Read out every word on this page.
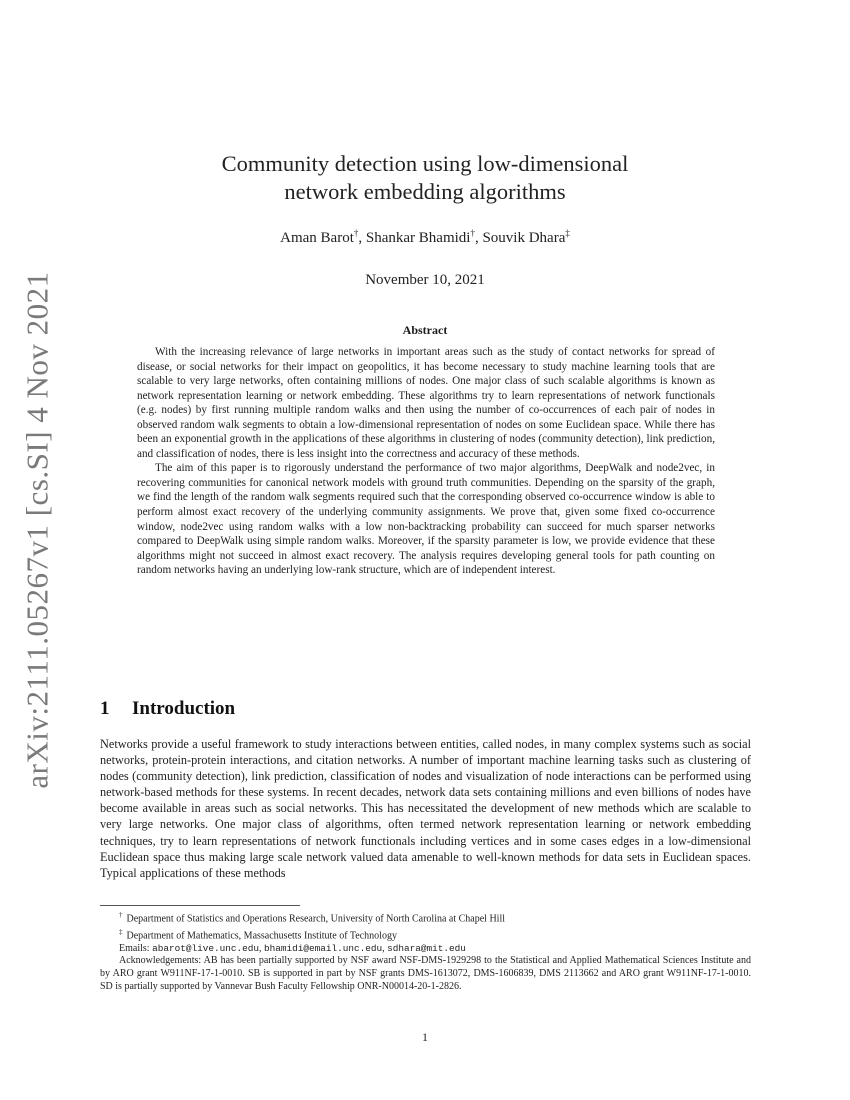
arXiv:2111.05267v1 [cs.SI] 4 Nov 2021
Community detection using low-dimensional
network embedding algorithms
Aman Barot†, Shankar Bhamidi†, Souvik Dhara‡
November 10, 2021
Abstract

With the increasing relevance of large networks in important areas such as the study of contact networks for spread of disease, or social networks for their impact on geopolitics, it has become necessary to study machine learning tools that are scalable to very large networks, often containing millions of nodes. One major class of such scalable algorithms is known as network representation learning or network embedding. These algorithms try to learn representations of network functionals (e.g. nodes) by first running multiple random walks and then using the number of co-occurrences of each pair of nodes in observed random walk segments to obtain a low-dimensional representation of nodes on some Euclidean space. While there has been an exponential growth in the applications of these algorithms in clustering of nodes (community detection), link prediction, and classification of nodes, there is less insight into the correctness and accuracy of these methods.

The aim of this paper is to rigorously understand the performance of two major algorithms, DeepWalk and node2vec, in recovering communities for canonical network models with ground truth communities. Depending on the sparsity of the graph, we find the length of the random walk segments required such that the corresponding observed co-occurrence window is able to perform almost exact recovery of the underlying community assignments. We prove that, given some fixed co-occurrence window, node2vec using random walks with a low non-backtracking probability can succeed for much sparser networks compared to DeepWalk using simple random walks. Moreover, if the sparsity parameter is low, we provide evidence that these algorithms might not succeed in almost exact recovery. The analysis requires developing general tools for path counting on random networks having an underlying low-rank structure, which are of independent interest.

1 Introduction

Networks provide a useful framework to study interactions between entities, called nodes, in many complex systems such as social networks, protein-protein interactions, and citation networks. A number of important machine learning tasks such as clustering of nodes (community detection), link prediction, classification of nodes and visualization of node interactions can be performed using network-based methods for these systems. In recent decades, network data sets containing millions and even billions of nodes have become available in areas such as social networks. This has necessitated the development of new methods which are scalable to very large networks. One major class of algorithms, often termed network representation learning or network embedding techniques, try to learn representations of network functionals including vertices and in some cases edges in a low-dimensional Euclidean space thus making large scale network valued data amenable to well-known methods for data sets in Euclidean spaces. Typical applications of these methods

† Department of Statistics and Operations Research, University of North Carolina at Chapel Hill

‡ Department of Mathematics, Massachusetts Institute of Technology

Emails: abarot@live.unc.edu, bhamidi@email.unc.edu, sdhara@mit.edu

Acknowledgements: AB has been partially supported by NSF award NSF-DMS-1929298 to the Statistical and Applied Mathematical Sciences Institute and by ARO grant W911NF-17-1-0010. SB is supported in part by NSF grants DMS-1613072, DMS-1606839, DMS 2113662 and ARO grant W911NF-17-1-0010. SD is partially supported by Vannevar Bush Faculty Fellowship ONR-N00014-20-1-2826.

1
